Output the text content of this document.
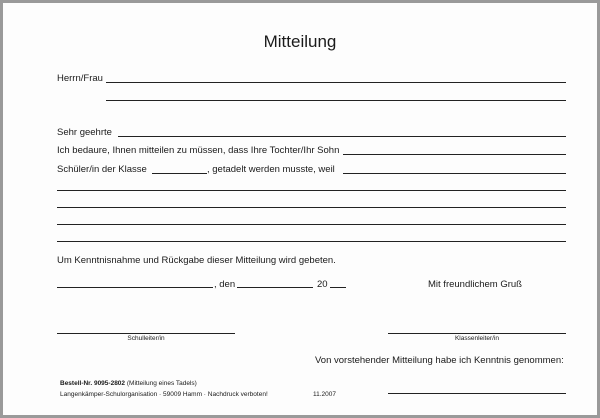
Mitteilung
Herrn/Frau
Sehr geehrte
Ich bedaure, Ihnen mitteilen zu müssen, dass Ihre Tochter/Ihr Sohn
Schüler/in der Klasse	, getadelt werden musste, weil
Um Kenntnisnahme und Rückgabe dieser Mitteilung wird gebeten.
, den	20	Mit freundlichem Gruß
Schulleiter/in	Klassenleiter/in
Von vorstehender Mitteilung habe ich Kenntnis genommen:
Bestell-Nr. 9095-2802 (Mitteilung eines Tadels)
Langenkämper-Schulorganisation · 59009 Hamm · Nachdruck verboten!	11.2007
